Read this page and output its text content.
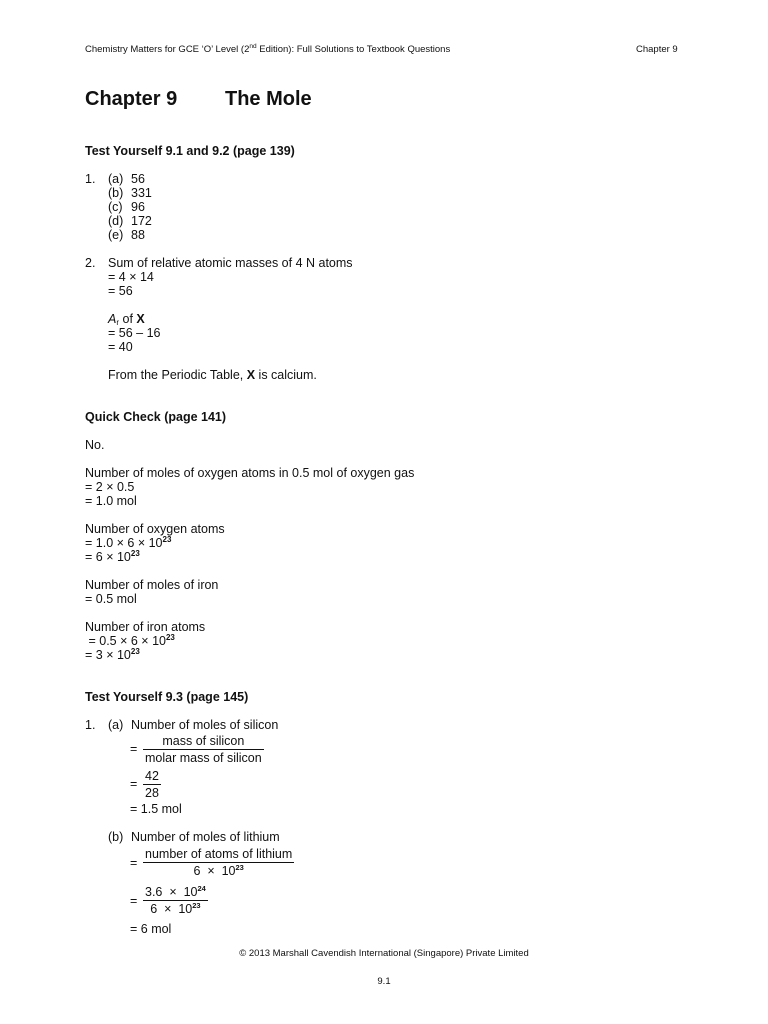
Chemistry Matters for GCE ‘O’ Level (2nd Edition): Full Solutions to Textbook Questions	Chapter 9
Chapter 9 The Mole
Test Yourself 9.1 and 9.2 (page 139)
1. (a) 56
(b) 331
(c) 96
(d) 172
(e) 88
2. Sum of relative atomic masses of 4 N atoms
= 4 × 14
= 56
$A_r$ of X
= 56 – 16
= 40
From the Periodic Table, X is calcium.
Quick Check (page 141)
No.
Number of moles of oxygen atoms in 0.5 mol of oxygen gas
= 2 × 0.5
= 1.0 mol
Number of oxygen atoms
= $1.0 \times 6 \times 10^{23}$
= $6 \times 10^{23}$
Number of moles of iron
= 0.5 mol
Number of iron atoms
= $0.5 \times 6 \times 10^{23}$
= $3 \times 10^{23}$
Test Yourself 9.3 (page 145)
1. (a) Number of moles of silicon
=
mass of silicon
molar mass of silicon
=
42
28
= 1.5 mol
(b) Number of moles of lithium
=
number of atoms of lithium
$6 \times 10^{23}$
=
$3.6 \times 10^{24}$
$6 \times 10^{23}$
= 6 mol
© 2013 Marshall Cavendish International (Singapore) Private Limited
9.1
